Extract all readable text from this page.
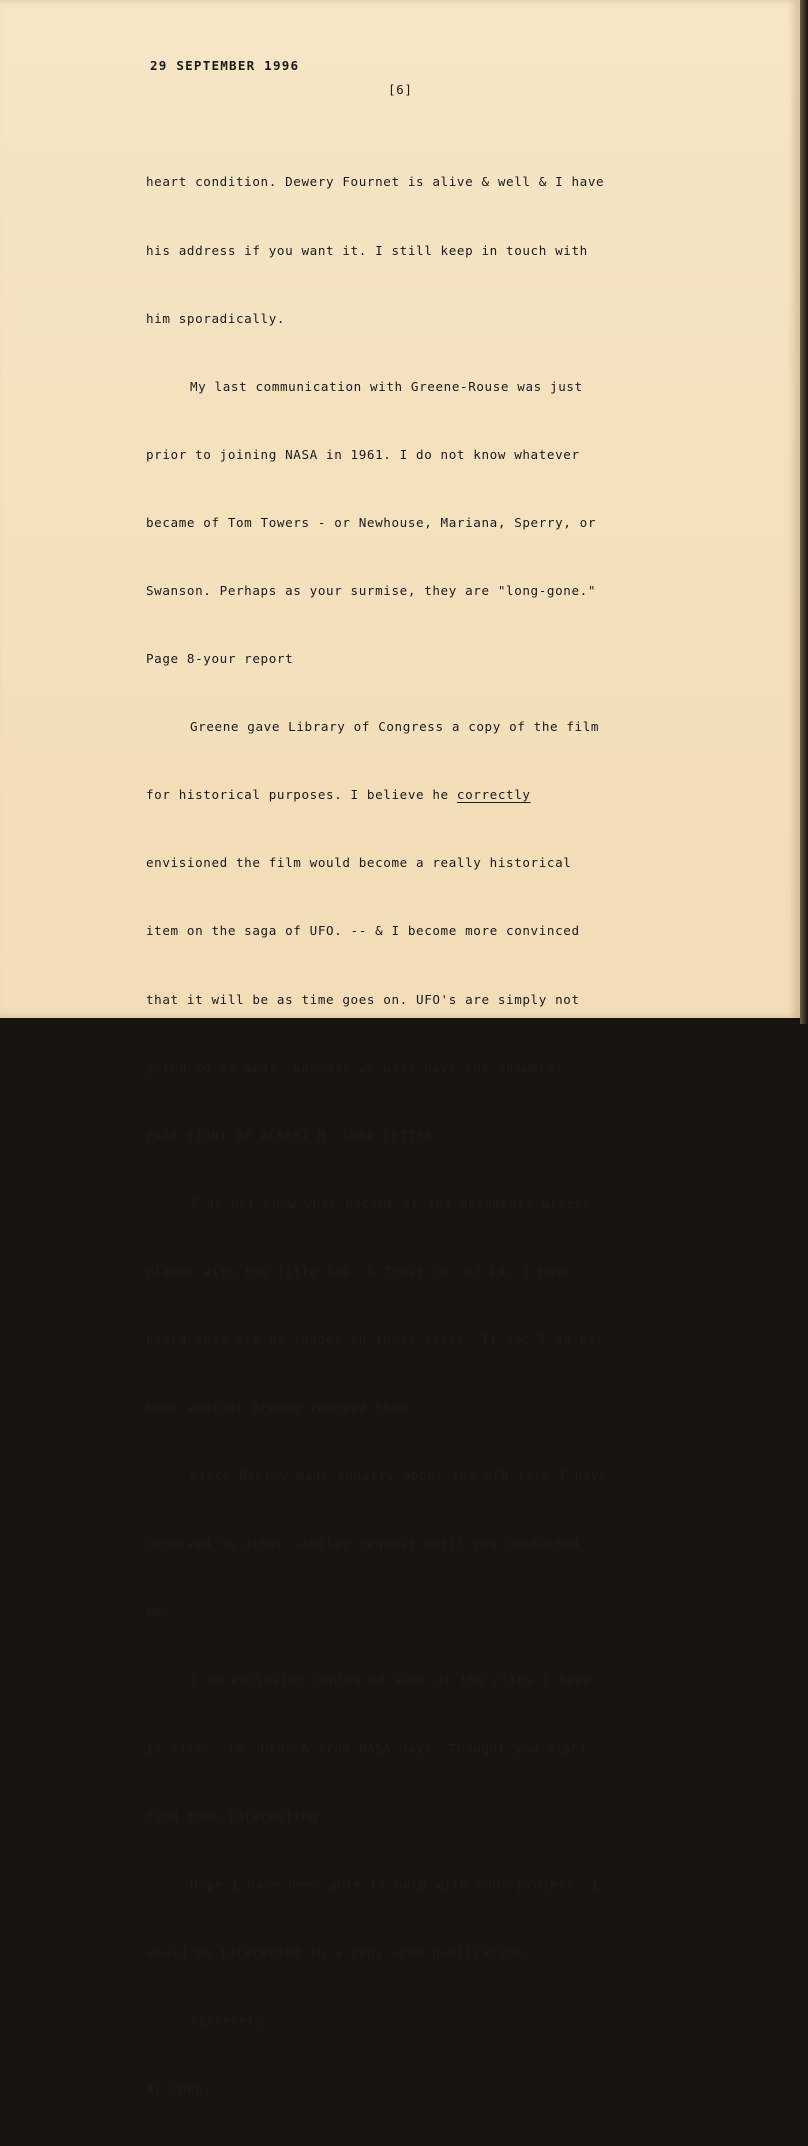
29 SEPTEMBER 1996
[6]

heart condition. Dewery Fournet is alive & well & I have

his address if you want it. I still keep in touch with

him sporadically.

My last communication with Greene-Rouse was just

prior to joining NASA in 1961. I do not know whatever

became of Tom Towers - or Newhouse, Mariana, Sperry, or

Swanson. Perhaps as your surmise, they are "long-gone."

Page 8-your report

Greene gave Library of Congress a copy of the film

for historical purposes. I believe he correctly

envisioned the film would become a really historical

item on the saga of UFO. -- & I become more convinced

that it will be as time goes on. UFO's are simply not

going to go away. Someday we will have the answers.

PAGE EIGHT OF ALBERT M. CHOP LETTER.

I do not know what became of the documents Greene

places with the Title Ins. & Trust Co. of LA. I have

heard they are no longer in those files. If so, I do not

know whether Greene removed them.

Since Barrow made inquiry about the UFO film I have

received no other similar request until you contacted

me.

I am enclosing copies of some of the clips I have

in file...ie "UFO" & from NASA days. Thought you might

find them interesting.

Hope I have been able to help with your project. I

would be interested in a copy upon publication.

Sincerely

Al Chop.
